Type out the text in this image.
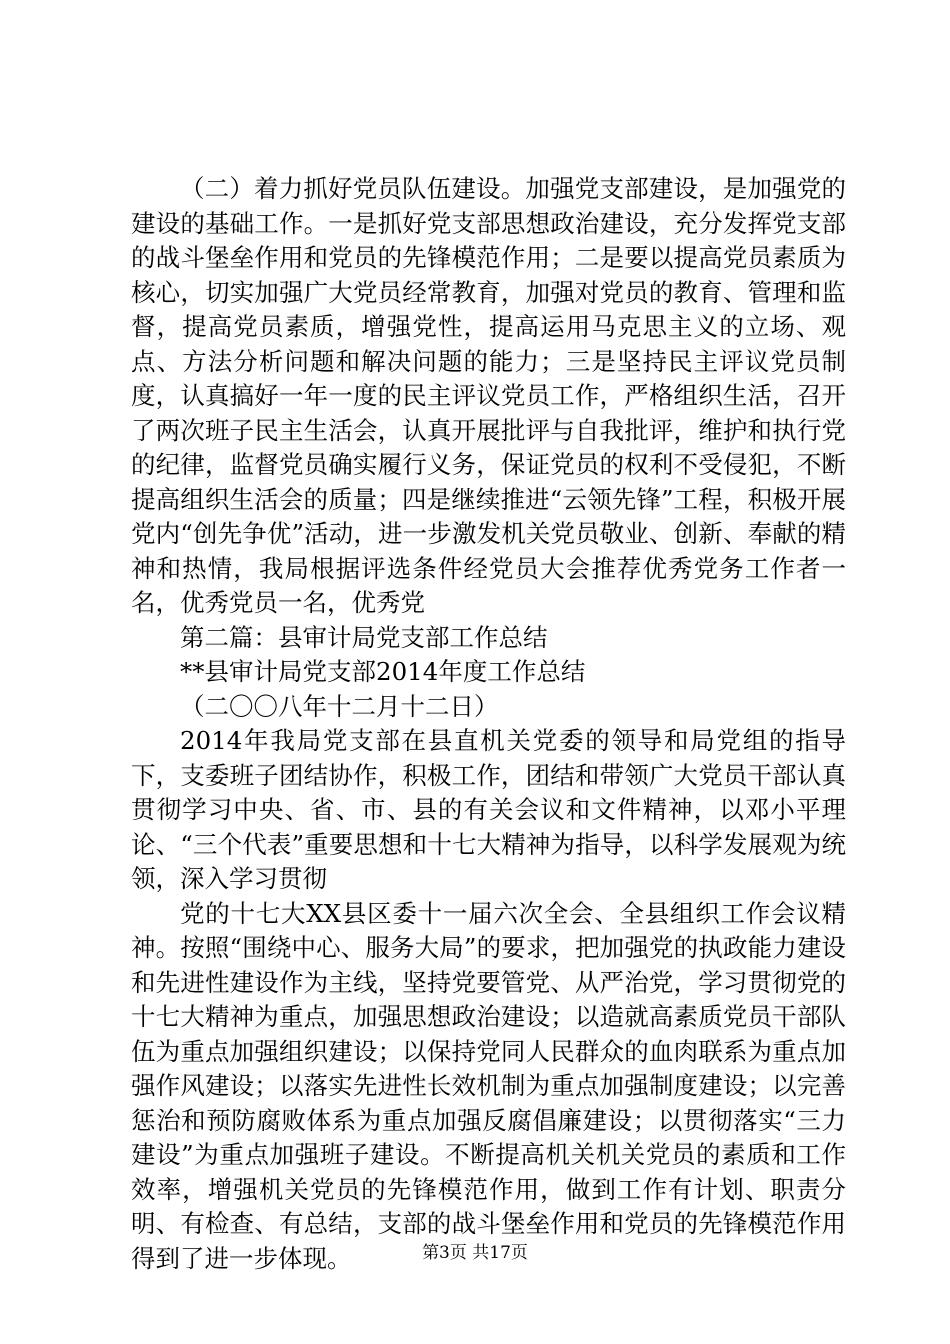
（二）着力抓好党员队伍建设。加强党支部建设，是加强党的建设的基础工作。一是抓好党支部思想政治建设，充分发挥党支部的战斗堡垒作用和党员的先锋模范作用；二是要以提高党员素质为核心，切实加强广大党员经常教育，加强对党员的教育、管理和监督，提高党员素质，增强党性，提高运用马克思主义的立场、观点、方法分析问题和解决问题的能力；三是坚持民主评议党员制度，认真搞好一年一度的民主评议党员工作，严格组织生活，召开了两次班子民主生活会，认真开展批评与自我批评，维护和执行党的纪律，监督党员确实履行义务，保证党员的权利不受侵犯，不断提高组织生活会的质量；四是继续推进“云领先锋”工程，积极开展党内“创先争优”活动，进一步激发机关党员敬业、创新、奉献的精神和热情，我局根据评选条件经党员大会推荐优秀党务工作者一名，优秀党员一名，优秀党

第二篇：县审计局党支部工作总结

**县审计局党支部2014年度工作总结

（二〇〇八年十二月十二日）

2014年我局党支部在县直机关党委的领导和局党组的指导下，支委班子团结协作，积极工作，团结和带领广大党员干部认真贯彻学习中央、省、市、县的有关会议和文件精神，以邓小平理论、“三个代表”重要思想和十七大精神为指导，以科学发展观为统领，深入学习贯彻

党的十七大XX县区委十一届六次全会、全县组织工作会议精神。按照“围绕中心、服务大局”的要求，把加强党的执政能力建设和先进性建设作为主线，坚持党要管党、从严治党，学习贯彻党的十七大精神为重点，加强思想政治建设；以造就高素质党员干部队伍为重点加强组织建设；以保持党同人民群众的血肉联系为重点加强作风建设；以落实先进性长效机制为重点加强制度建设；以完善惩治和预防腐败体系为重点加强反腐倡廉建设；以贯彻落实“三力建设”为重点加强班子建设。不断提高机关机关党员的素质和工作效率，增强机关党员的先锋模范作用，做到工作有计划、职责分明、有检查、有总结，支部的战斗堡垒作用和党员的先锋模范作用得到了进一步体现。	第3页 共17页
